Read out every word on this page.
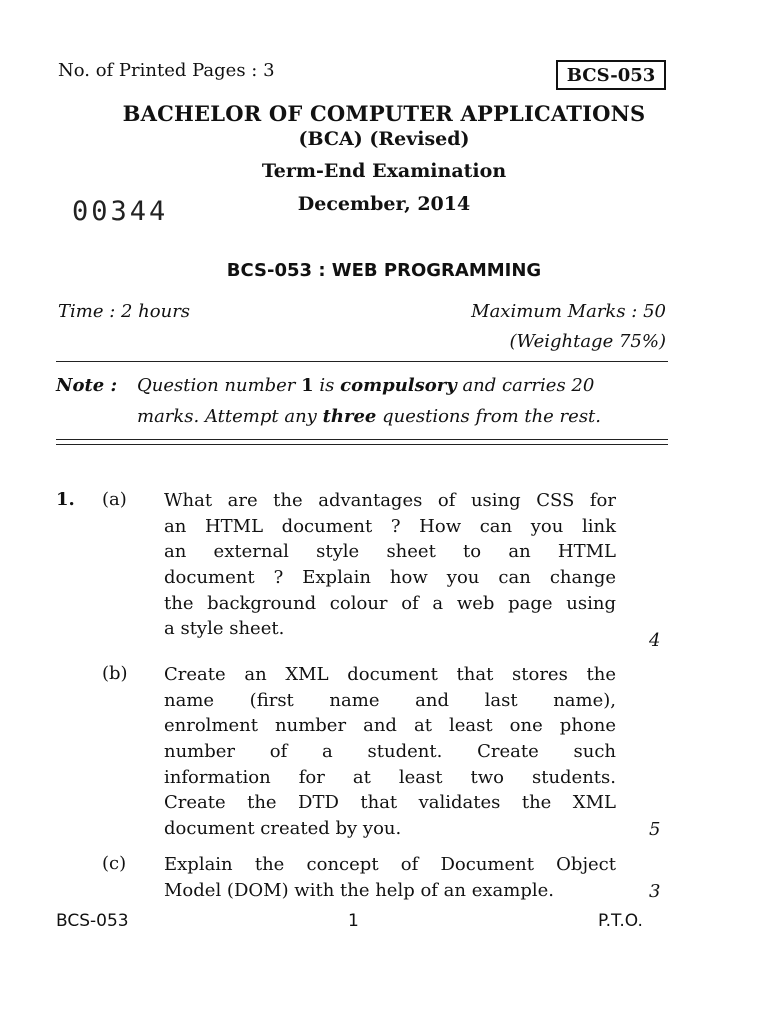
No. of Printed Pages : 3	BCS-053
BACHELOR OF COMPUTER APPLICATIONS
(BCA) (Revised)
Term-End Examination
00344	December, 2014
BCS-053 : WEB PROGRAMMING
Time : 2 hours	Maximum Marks : 50
(Weightage 75%)
Note : Question number 1 is compulsory and carries 20
marks. Attempt any three questions from the rest.
1. (a) What are the advantages of using CSS for
an HTML document ? How can you link
an external style sheet to an HTML
document ? Explain how you can change
the background colour of a web page using
a style sheet.
4
(b) Create an XML document that stores the
name (first name and last name),
enrolment number and at least one phone
number of a student. Create such
information for at least two students.
Create the DTD that validates the XML
document created by you.	5
(c) Explain the concept of Document Object
Model (DOM) with the help of an example.	3
BCS-053	1	P.T.O.
